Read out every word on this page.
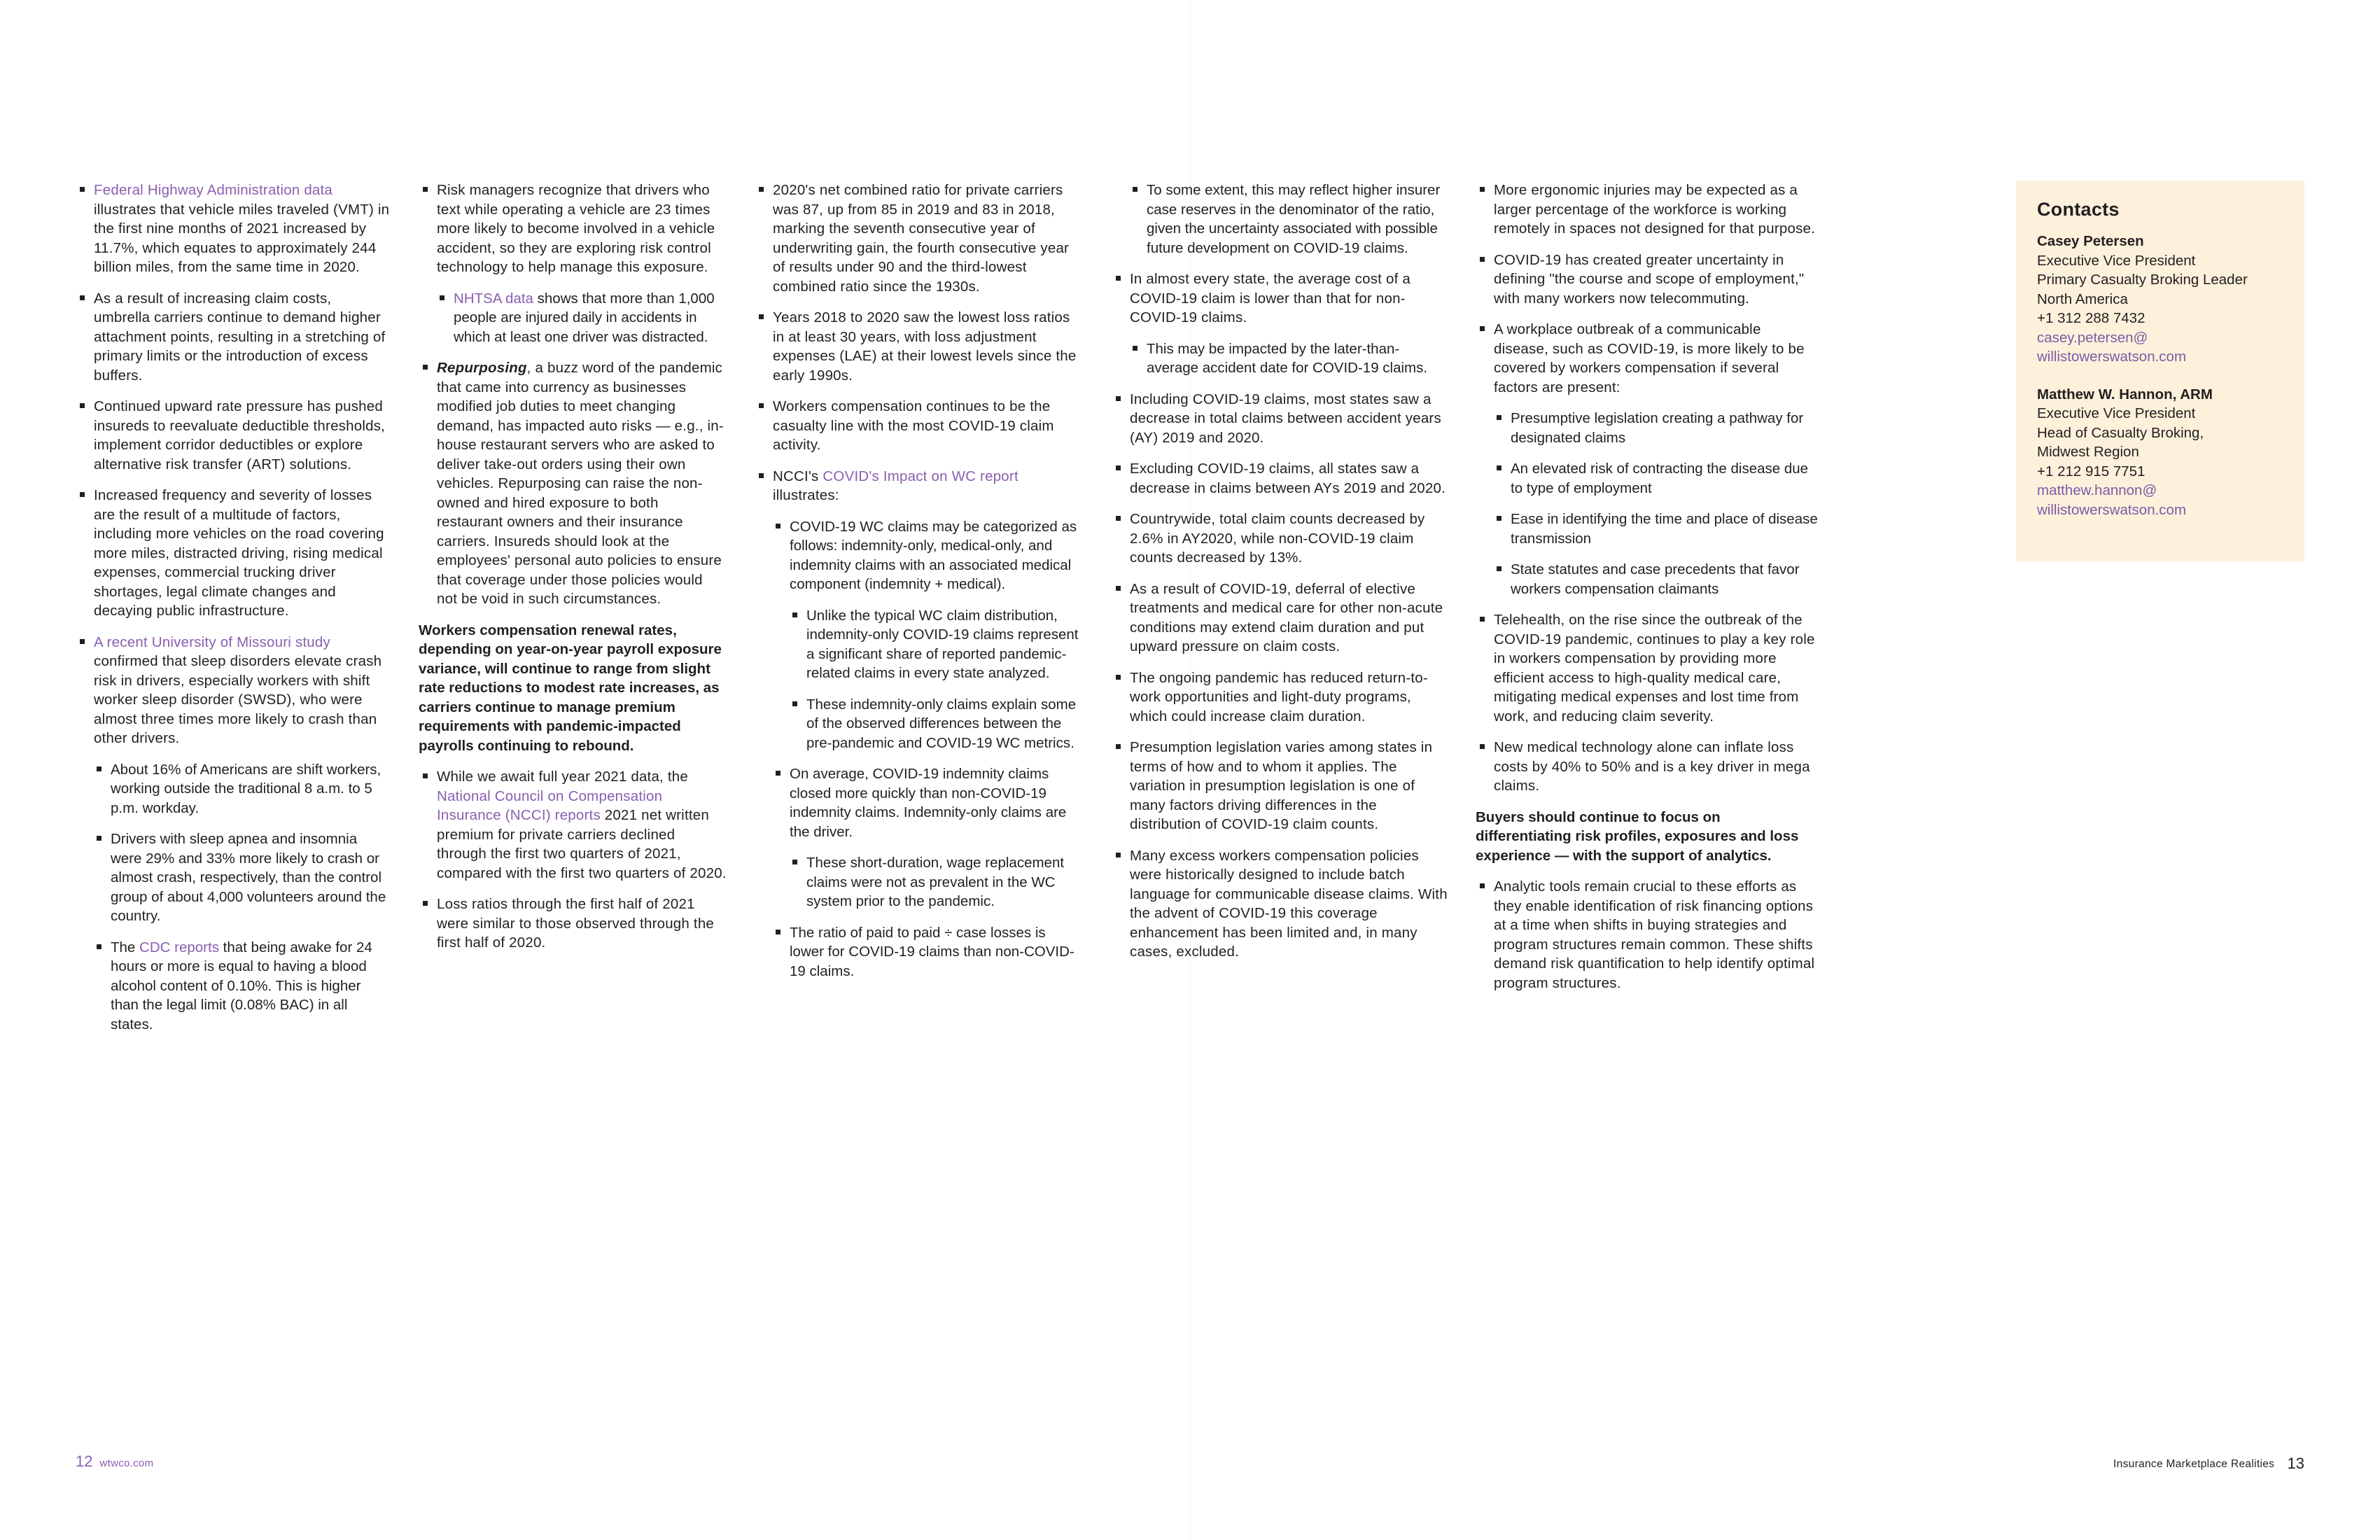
Federal Highway Administration data illustrates that vehicle miles traveled (VMT) in the first nine months of 2021 increased by 11.7%, which equates to approximately 244 billion miles, from the same time in 2020.
As a result of increasing claim costs, umbrella carriers continue to demand higher attachment points, resulting in a stretching of primary limits or the introduction of excess buffers.
Continued upward rate pressure has pushed insureds to reevaluate deductible thresholds, implement corridor deductibles or explore alternative risk transfer (ART) solutions.
Increased frequency and severity of losses are the result of a multitude of factors, including more vehicles on the road covering more miles, distracted driving, rising medical expenses, commercial trucking driver shortages, legal climate changes and decaying public infrastructure.
A recent University of Missouri study confirmed that sleep disorders elevate crash risk in drivers, especially workers with shift worker sleep disorder (SWSD), who were almost three times more likely to crash than other drivers.
About 16% of Americans are shift workers, working outside the traditional 8 a.m. to 5 p.m. workday.
Drivers with sleep apnea and insomnia were 29% and 33% more likely to crash or almost crash, respectively, than the control group of about 4,000 volunteers around the country.
The CDC reports that being awake for 24 hours or more is equal to having a blood alcohol content of 0.10%. This is higher than the legal limit (0.08% BAC) in all states.
Risk managers recognize that drivers who text while operating a vehicle are 23 times more likely to become involved in a vehicle accident, so they are exploring risk control technology to help manage this exposure.
NHTSA data shows that more than 1,000 people are injured daily in accidents in which at least one driver was distracted.
Repurposing, a buzz word of the pandemic that came into currency as businesses modified job duties to meet changing demand, has impacted auto risks — e.g., in-house restaurant servers who are asked to deliver take-out orders using their own vehicles. Repurposing can raise the non-owned and hired exposure to both restaurant owners and their insurance carriers. Insureds should look at the employees' personal auto policies to ensure that coverage under those policies would not be void in such circumstances.

Workers compensation renewal rates, depending on year-on-year payroll exposure variance, will continue to range from slight rate reductions to modest rate increases, as carriers continue to manage premium requirements with pandemic-impacted payrolls continuing to rebound.

While we await full year 2021 data, the National Council on Compensation Insurance (NCCI) reports 2021 net written premium for private carriers declined through the first two quarters of 2021, compared with the first two quarters of 2020.
Loss ratios through the first half of 2021 were similar to those observed through the first half of 2020.
2020's net combined ratio for private carriers was 87, up from 85 in 2019 and 83 in 2018, marking the seventh consecutive year of underwriting gain, the fourth consecutive year of results under 90 and the third-lowest combined ratio since the 1930s.
Years 2018 to 2020 saw the lowest loss ratios in at least 30 years, with loss adjustment expenses (LAE) at their lowest levels since the early 1990s.
Workers compensation continues to be the casualty line with the most COVID-19 claim activity.
NCCI's COVID's Impact on WC report illustrates:
COVID-19 WC claims may be categorized as follows: indemnity-only, medical-only, and indemnity claims with an associated medical component (indemnity + medical).
Unlike the typical WC claim distribution, indemnity-only COVID-19 claims represent a significant share of reported pandemic-related claims in every state analyzed.
These indemnity-only claims explain some of the observed differences between the pre-pandemic and COVID-19 WC metrics.
On average, COVID-19 indemnity claims closed more quickly than non-COVID-19 indemnity claims. Indemnity-only claims are the driver.
These short-duration, wage replacement claims were not as prevalent in the WC system prior to the pandemic.
The ratio of paid to paid ÷ case losses is lower for COVID-19 claims than non-COVID-19 claims.
To some extent, this may reflect higher insurer case reserves in the denominator of the ratio, given the uncertainty associated with possible future development on COVID-19 claims.
In almost every state, the average cost of a COVID-19 claim is lower than that for non-COVID-19 claims.
This may be impacted by the later-than-average accident date for COVID-19 claims.
Including COVID-19 claims, most states saw a decrease in total claims between accident years (AY) 2019 and 2020.
Excluding COVID-19 claims, all states saw a decrease in claims between AYs 2019 and 2020.
Countrywide, total claim counts decreased by 2.6% in AY2020, while non-COVID-19 claim counts decreased by 13%.
As a result of COVID-19, deferral of elective treatments and medical care for other non-acute conditions may extend claim duration and put upward pressure on claim costs.
The ongoing pandemic has reduced return-to-work opportunities and light-duty programs, which could increase claim duration.
Presumption legislation varies among states in terms of how and to whom it applies. The variation in presumption legislation is one of many factors driving differences in the distribution of COVID-19 claim counts.
Many excess workers compensation policies were historically designed to include batch language for communicable disease claims. With the advent of COVID-19 this coverage enhancement has been limited and, in many cases, excluded.
More ergonomic injuries may be expected as a larger percentage of the workforce is working remotely in spaces not designed for that purpose.
COVID-19 has created greater uncertainty in defining "the course and scope of employment," with many workers now telecommuting.
A workplace outbreak of a communicable disease, such as COVID-19, is more likely to be covered by workers compensation if several factors are present:
Presumptive legislation creating a pathway for designated claims
An elevated risk of contracting the disease due to type of employment
Ease in identifying the time and place of disease transmission
State statutes and case precedents that favor workers compensation claimants
Telehealth, on the rise since the outbreak of the COVID-19 pandemic, continues to play a key role in workers compensation by providing more efficient access to high-quality medical care, mitigating medical expenses and lost time from work, and reducing claim severity.
New medical technology alone can inflate loss costs by 40% to 50% and is a key driver in mega claims.

Buyers should continue to focus on differentiating risk profiles, exposures and loss experience — with the support of analytics.

Analytic tools remain crucial to these efforts as they enable identification of risk financing options at a time when shifts in buying strategies and program structures remain common. These shifts demand risk quantification to help identify optimal program structures.
Contacts
Casey Petersen
Executive Vice President
Primary Casualty Broking Leader
North America
+1 312 288 7432
casey.petersen@
willistowerswatson.com
Matthew W. Hannon, ARM
Executive Vice President
Head of Casualty Broking,
Midwest Region
+1 212 915 7751
matthew.hannon@
willistowerswatson.com
12 wtwco.com	Insurance Marketplace Realities 13
